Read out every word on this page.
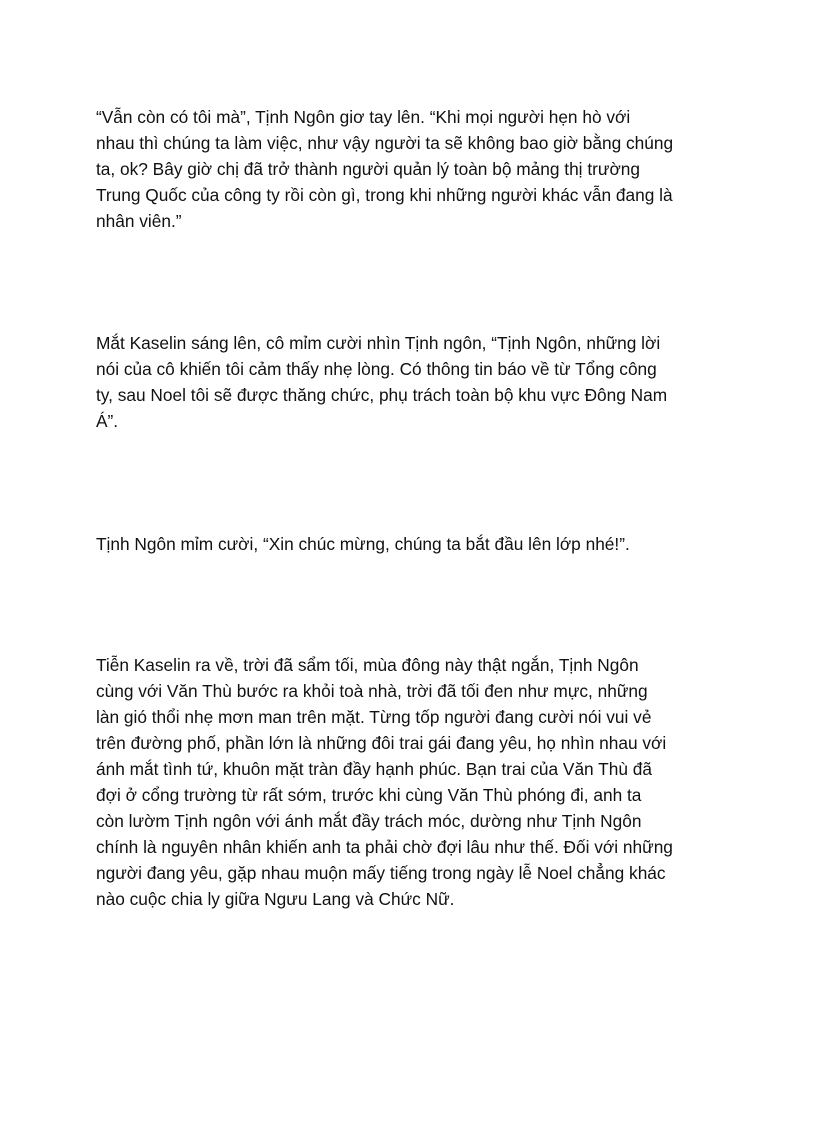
“Vẫn còn có tôi mà”, Tịnh Ngôn giơ tay lên. “Khi mọi người hẹn hò với
nhau thì chúng ta làm việc, như vậy người ta sẽ không bao giờ bằng chúng
ta, ok? Bây giờ chị đã trở thành người quản lý toàn bộ mảng thị trường
Trung Quốc của công ty rồi còn gì, trong khi những người khác vẫn đang là
nhân viên.”

Mắt Kaselin sáng lên, cô mỉm cười nhìn Tịnh ngôn, “Tịnh Ngôn, những lời
nói của cô khiến tôi cảm thấy nhẹ lòng. Có thông tin báo về từ Tổng công
ty, sau Noel tôi sẽ được thăng chức, phụ trách toàn bộ khu vực Đông Nam
Á”.

Tịnh Ngôn mỉm cười, “Xin chúc mừng, chúng ta bắt đầu lên lớp nhé!”.

Tiễn Kaselin ra về, trời đã sẩm tối, mùa đông này thật ngắn, Tịnh Ngôn
cùng với Văn Thù bước ra khỏi toà nhà, trời đã tối đen như mực, những
làn gió thổi nhẹ mơn man trên mặt. Từng tốp người đang cười nói vui vẻ
trên đường phố, phần lớn là những đôi trai gái đang yêu, họ nhìn nhau với
ánh mắt tình tứ, khuôn mặt tràn đầy hạnh phúc. Bạn trai của Văn Thù đã
đợi ở cổng trường từ rất sớm, trước khi cùng Văn Thù phóng đi, anh ta
còn lườm Tịnh ngôn với ánh mắt đầy trách móc, dường như Tịnh Ngôn
chính là nguyên nhân khiến anh ta phải chờ đợi lâu như thế. Đối với những
người đang yêu, gặp nhau muộn mấy tiếng trong ngày lễ Noel chẳng khác
nào cuộc chia ly giữa Ngưu Lang và Chức Nữ.
